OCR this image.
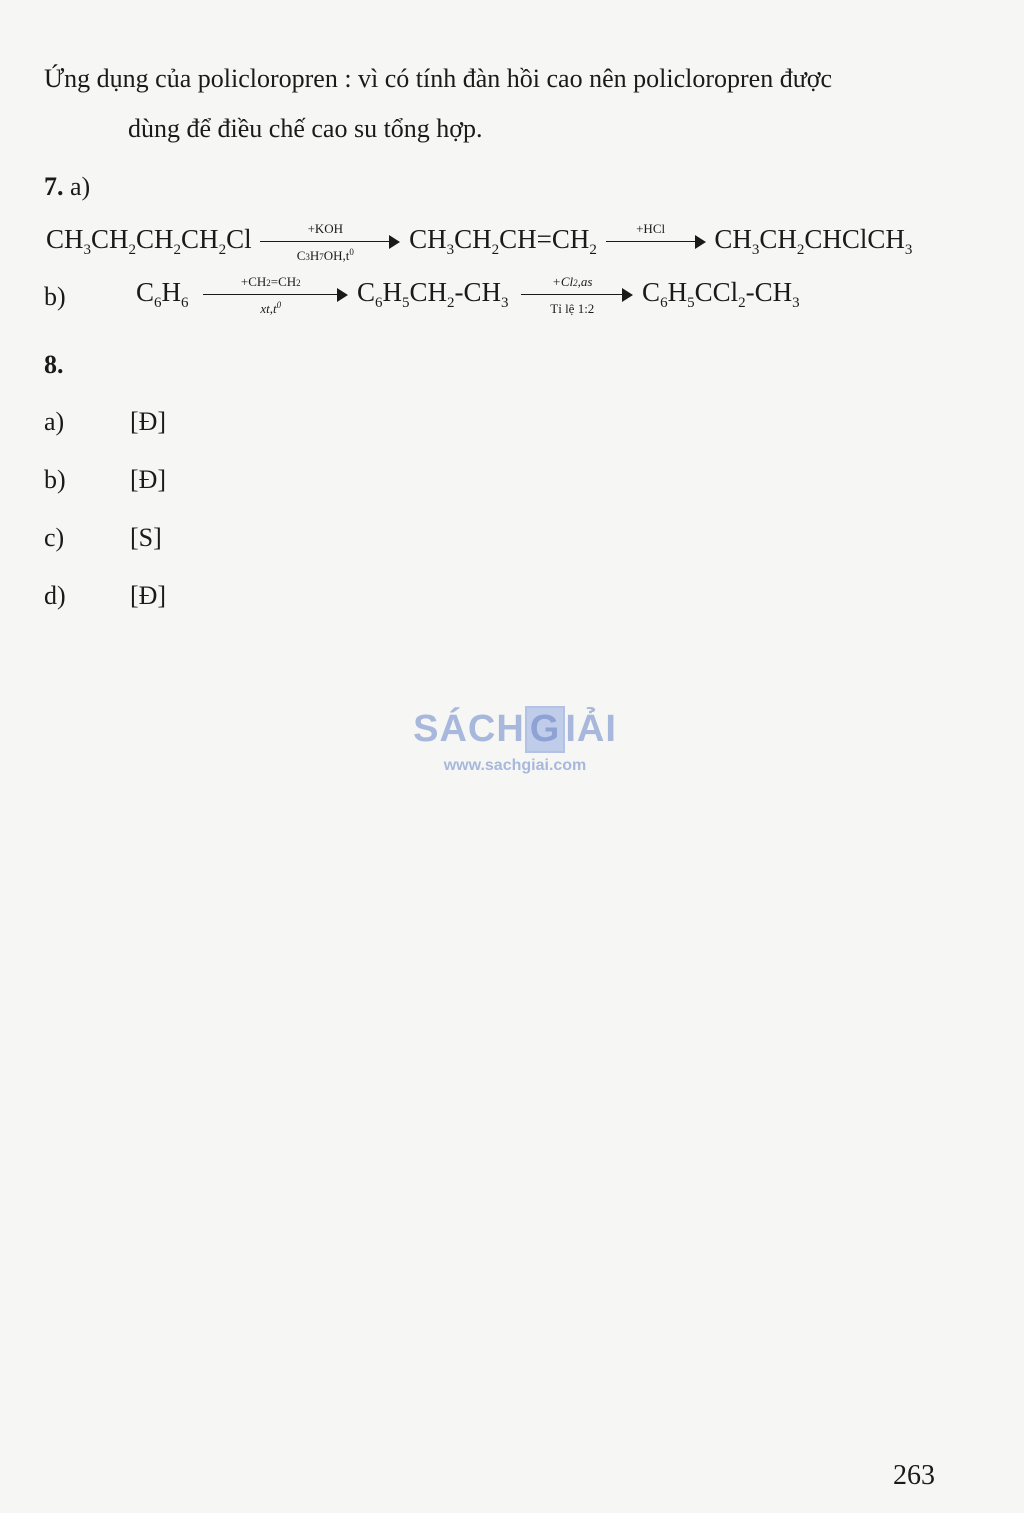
Ứng dụng của policloropren : vì có tính đàn hồi cao nên policloropren được
dùng để điều chế cao su tổng hợp.
7. a)
$CH_3CH_2CH_2CH_2Cl$	+KOH
$C3H7OH,t^0$	$CH_3CH_2CH=CH_2$
+HCl	$CH_3CH_2CHClCH_3$
b)	$C_6H_6 \frac{+CH2=CH2}{xt,t^0} C_6H_5CH_2-CH_3 \frac{+Cl2,as}{\text{Tỉ lệ 1:2}} C_6H_5CCl_2-CH_3$
8.
a)	[Đ]
b) [Đ]
c)	[S]
d) [Đ]
SÁCH G IẢI
www.sachgiai.com
263
